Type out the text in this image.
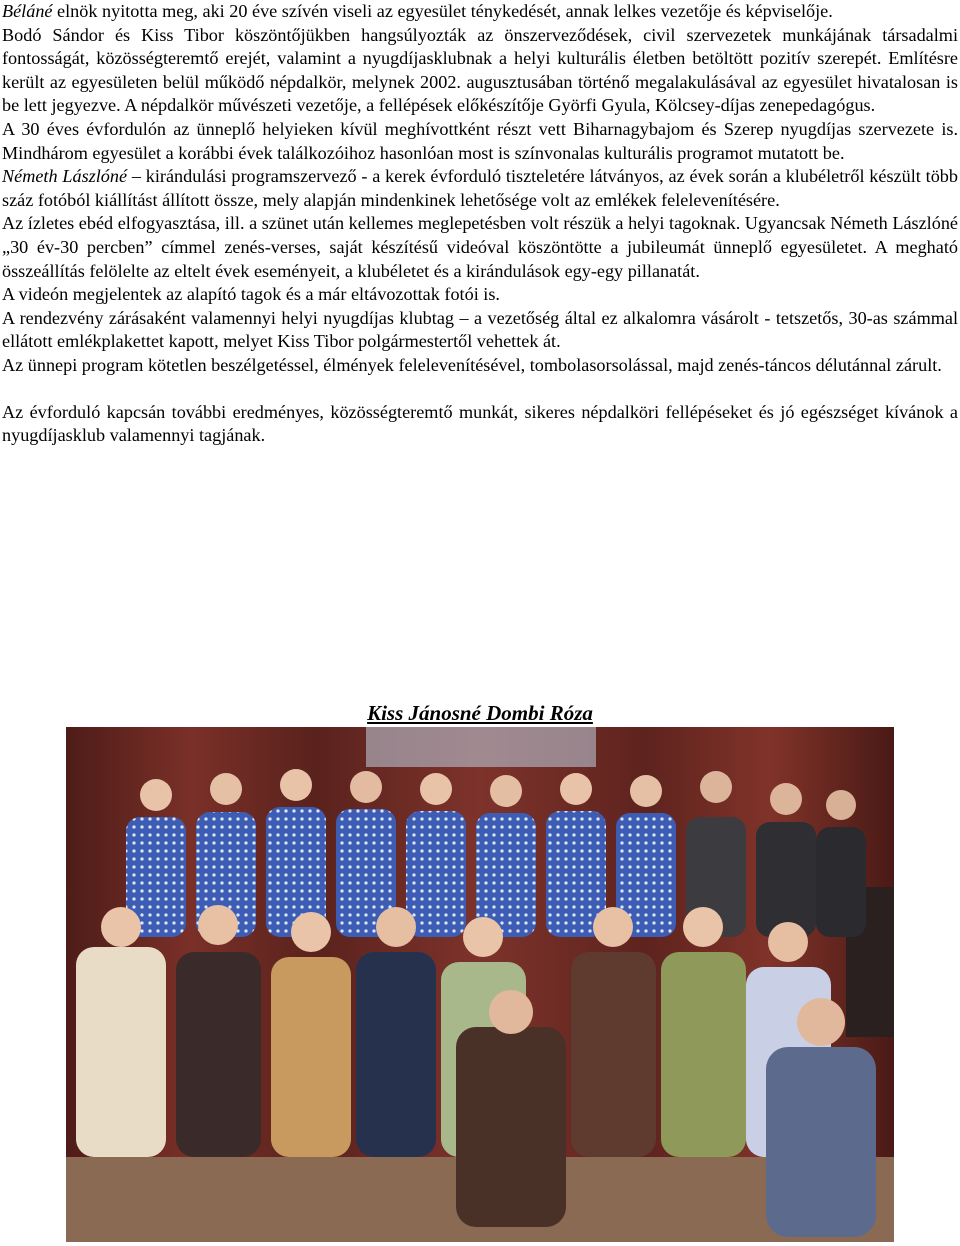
Béláné elnök nyitotta meg, aki 20 éve szívén viseli az egyesület ténykedését, annak lelkes vezetője és képviselője.

Bodó Sándor és Kiss Tibor köszöntőjükben hangsúlyozták az önszerveződések, civil szervezetek munkájának társadalmi fontosságát, közösségteremtő erejét, valamint a nyugdíjasklubnak a helyi kulturális életben betöltött pozitív szerepét. Említésre került az egyesületen belül működő népdalkör, melynek 2002. augusztusában történő megalakulásával az egyesület hivatalosan is be lett jegyezve. A népdalkör művészeti vezetője, a fellépések előkészítője Györfi Gyula, Kölcsey-díjas zenepedagógus.

A 30 éves évfordulón az ünneplő helyieken kívül meghívottként részt vett Biharnagybajom és Szerep nyugdíjas szervezete is. Mindhárom egyesület a korábbi évek találkozóihoz hasonlóan most is színvonalas kulturális programot mutatott be.

Németh Lászlóné – kirándulási programszervező - a kerek évforduló tiszteletére látványos, az évek során a klubéletről készült több száz fotóból kiállítást állított össze, mely alapján mindenkinek lehetősége volt az emlékek felelevenítésére.

Az ízletes ebéd elfogyasztása, ill. a szünet után kellemes meglepetésben volt részük a helyi tagoknak. Ugyancsak Németh Lászlóné „30 év-30 percben” címmel zenés-verses, saját készítésű videóval köszöntötte a jubileumát ünneplő egyesületet. A megható összeállítás felölelte az eltelt évek eseményeit, a klubéletet és a kirándulások egy-egy pillanatát.

A videón megjelentek az alapító tagok és a már eltávozottak fotói is.

A rendezvény zárásaként valamennyi helyi nyugdíjas klubtag – a vezetőség által ez alkalomra vásárolt - tetszetős, 30-as számmal ellátott emlékplakettet kapott, melyet Kiss Tibor polgármestertől vehettek át.

Az ünnepi program kötetlen beszélgetéssel, élmények felelevenítésével, tombolasorsolással, majd zenés-táncos délutánnal zárult.

Az évforduló kapcsán további eredményes, közösségteremtő munkát, sikeres népdalköri fellépéseket és jó egészséget kívánok a nyugdíjasklub valamennyi tagjának.

Kiss Jánosné Dombi Róza
